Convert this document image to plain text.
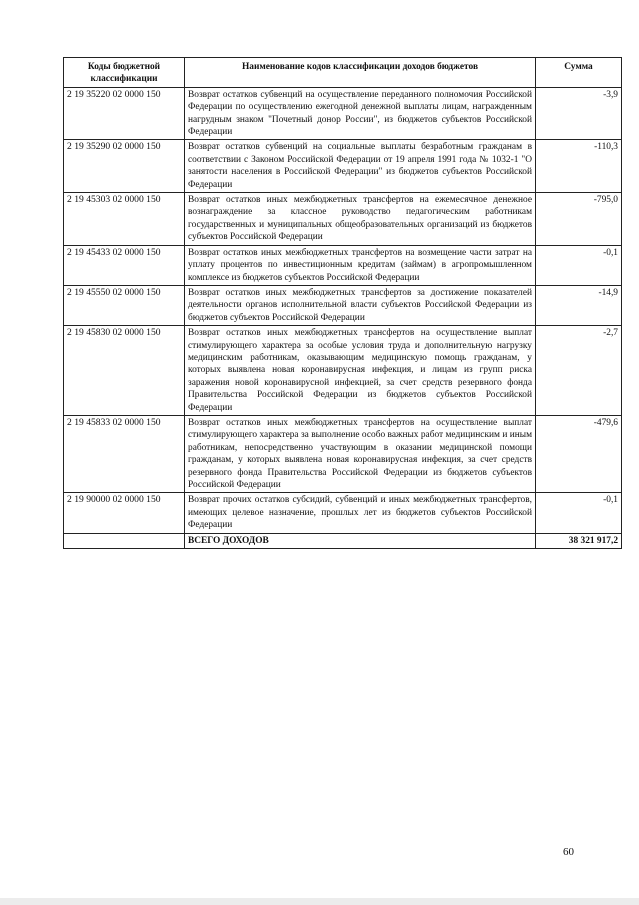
Коды бюджетной классификации	Наименование кодов классификации доходов бюджетов	Сумма
2 19 35220 02 0000 150	Возврат остатков субвенций на осуществление переданного полномочия Российской Федерации по осуществлению ежегодной денежной выплаты лицам, награжденным нагрудным знаком "Почетный донор России", из бюджетов субъектов Российской Федерации	-3,9
2 19 35290 02 0000 150	Возврат остатков субвенций на социальные выплаты безработным гражданам в соответствии с Законом Российской Федерации от 19 апреля 1991 года № 1032-1 "О занятости населения в Российской Федерации" из бюджетов субъектов Российской Федерации	-110,3
2 19 45303 02 0000 150	Возврат остатков иных межбюджетных трансфертов на ежемесячное денежное вознаграждение за классное руководство педагогическим работникам государственных и муниципальных общеобразовательных организаций из бюджетов субъектов Российской Федерации	-795,0
2 19 45433 02 0000 150	Возврат остатков иных межбюджетных трансфертов на возмещение части затрат на уплату процентов по инвестиционным кредитам (займам) в агропромышленном комплексе из бюджетов субъектов Российской Федерации	-0,1
2 19 45550 02 0000 150	Возврат остатков иных межбюджетных трансфертов за достижение показателей деятельности органов исполнительной власти субъектов Российской Федерации из бюджетов субъектов Российской Федерации	-14,9
2 19 45830 02 0000 150	Возврат остатков иных межбюджетных трансфертов на осуществление выплат стимулирующего характера за особые условия труда и дополнительную нагрузку медицинским работникам, оказывающим медицинскую помощь гражданам, у которых выявлена новая коронавирусная инфекция, и лицам из групп риска заражения новой коронавирусной инфекцией, за счет средств резервного фонда Правительства Российской Федерации из бюджетов субъектов Российской Федерации	-2,7
2 19 45833 02 0000 150	Возврат остатков иных межбюджетных трансфертов на осуществление выплат стимулирующего характера за выполнение особо важных работ медицинским и иным работникам, непосредственно участвующим в оказании медицинской помощи гражданам, у которых выявлена новая коронавирусная инфекция, за счет средств резервного фонда Правительства Российской Федерации из бюджетов субъектов Российской Федерации	-479,6
2 19 90000 02 0000 150	Возврат прочих остатков субсидий, субвенций и иных межбюджетных трансфертов, имеющих целевое назначение, прошлых лет из бюджетов субъектов Российской Федерации	-0,1
	ВСЕГО ДОХОДОВ	38 321 917,2
60
